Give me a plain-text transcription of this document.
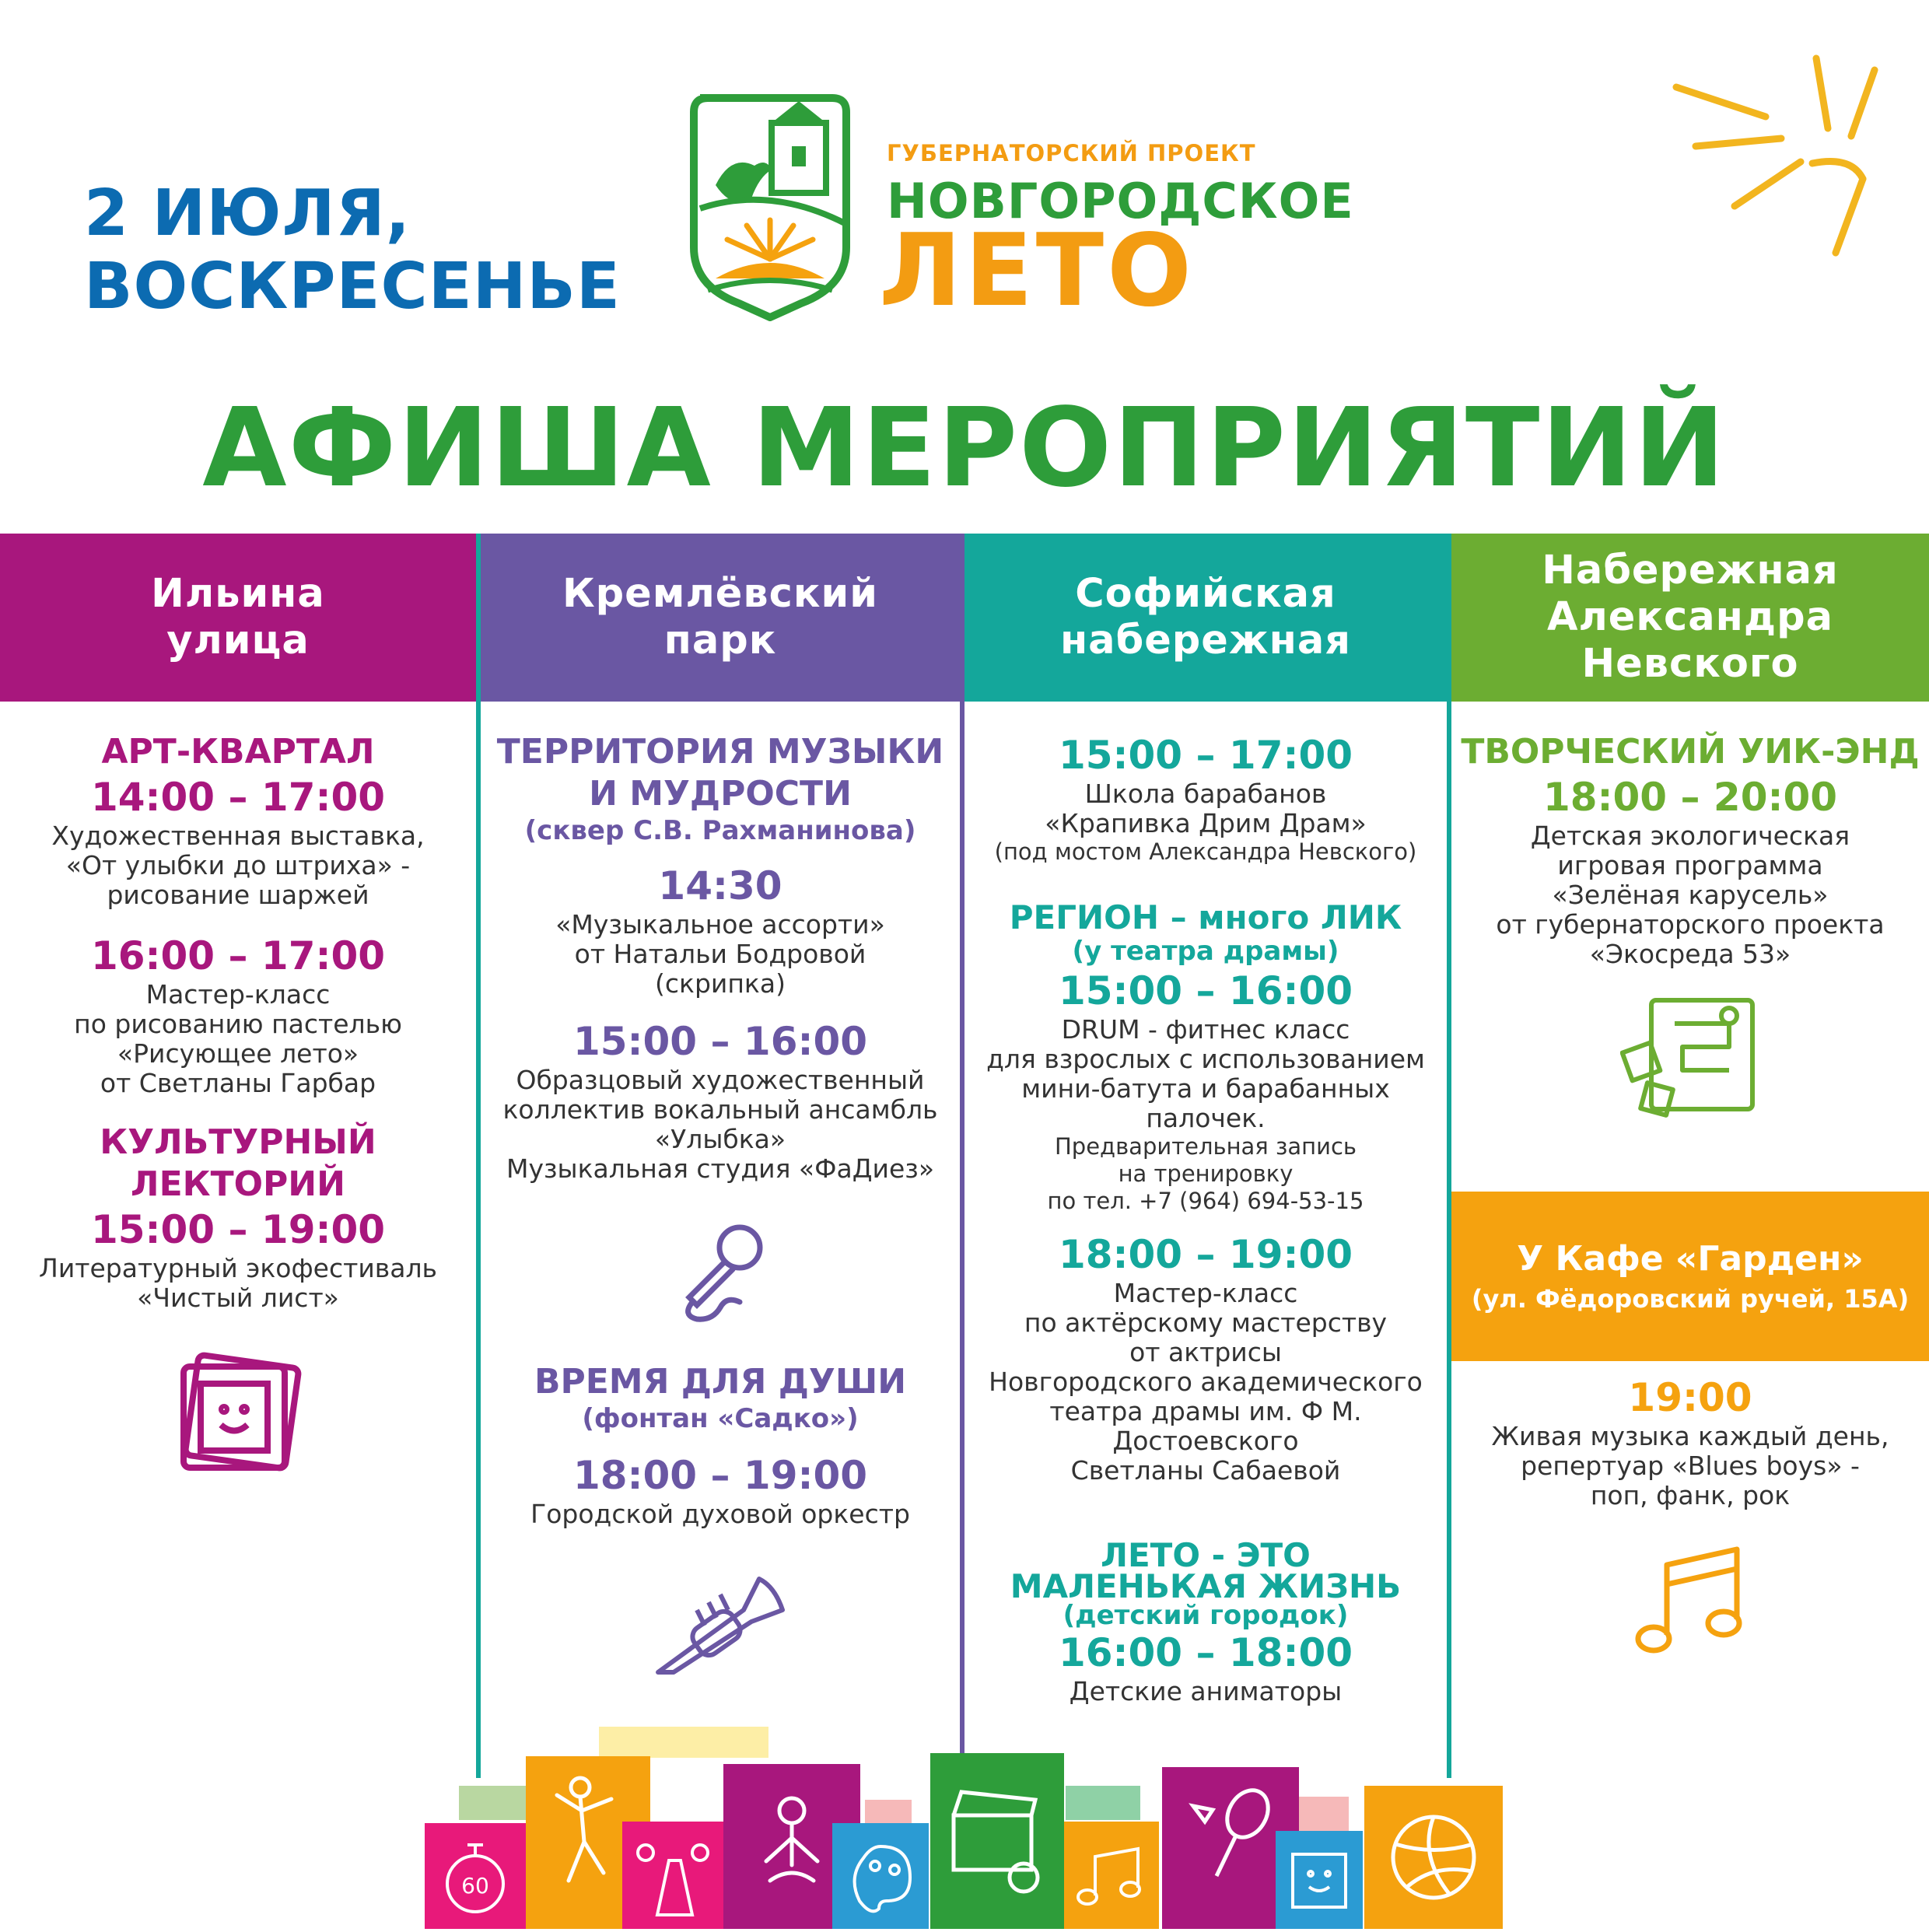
2 ИЮЛЯ,
ВОСКРЕСЕНЬЕ
ГУБЕРНАТОРСКИЙ ПРОЕКТ
НОВГОРОДСКОЕ
ЛЕТО
АФИША МЕРОПРИЯТИЙ
Ильина
улица
Кремлёвский
парк
Софийская
набережная
Набережная
Александра Невского
АРТ-КВАРТАЛ
14:00 – 17:00
Художественная выставка,
«От улыбки до штриха» -
рисование шаржей
16:00 – 17:00
Мастер-класс
по рисованию пастелью
«Рисующее лето»
от Светланы Гарбар
КУЛЬТУРНЫЙ ЛЕКТОРИЙ
15:00 – 19:00
Литературный экофестиваль
«Чистый лист»
ТЕРРИТОРИЯ МУЗЫКИ
И МУДРОСТИ
(сквер С.В. Рахманинова)
14:30
«Музыкальное ассорти»
от Натальи Бодровой
(скрипка)
15:00 – 16:00
Образцовый художественный
коллектив вокальный ансамбль
«Улыбка»
Музыкальная студия «ФаДиез»
ВРЕМЯ ДЛЯ ДУШИ
(фонтан «Садко»)
18:00 – 19:00
Городской духовой оркестр
15:00 – 17:00
Школа барабанов
«Крапивка Дрим Драм»
(под мостом Александра Невского)
РЕГИОН – много ЛИК
(у театра драмы)
15:00 – 16:00
DRUM - фитнес класс
для взрослых с использованием
мини-батута и барабанных палочек.
Предварительная запись
на тренировку
по тел. +7 (964) 694-53-15
18:00 – 19:00
Мастер-класс
по актёрскому мастерству
от актрисы
Новгородского академического
театра драмы им. Ф М. Достоевского
Светланы Сабаевой
ЛЕТО - ЭТО
МАЛЕНЬКАЯ ЖИЗНЬ
(детский городок)
16:00 – 18:00
Детские аниматоры
ТВОРЧЕСКИЙ УИК-ЭНД
18:00 – 20:00
Детская экологическая
игровая программа
«Зелёная карусель»
от губернаторского проекта
«Экосреда 53»
У Кафе «Гарден»
(ул. Фёдоровский ручей, 15А)
19:00
Живая музыка каждый день,
репертуар «Blues boys» -
поп, фанк, рок
60
